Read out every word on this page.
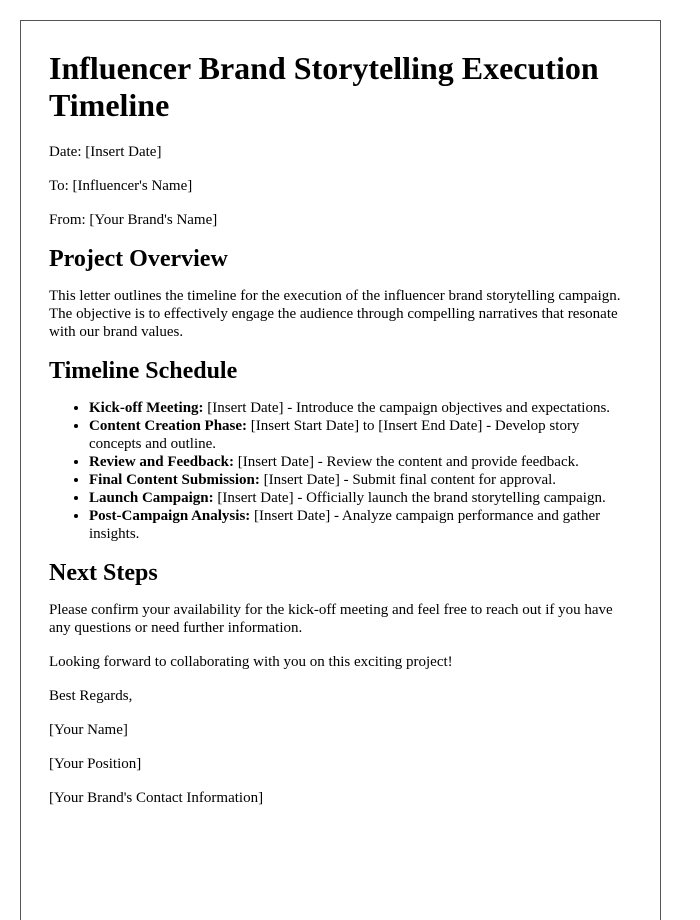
Influencer Brand Storytelling Execution Timeline

Date: [Insert Date]

To: [Influencer's Name]

From: [Your Brand's Name]

Project Overview

This letter outlines the timeline for the execution of the influencer brand storytelling campaign. The objective is to effectively engage the audience through compelling narratives that resonate with our brand values.

Timeline Schedule
• Kick-off Meeting: [Insert Date] - Introduce the campaign objectives and expectations.
• Content Creation Phase: [Insert Start Date] to [Insert End Date] - Develop story concepts and outline.
• Review and Feedback: [Insert Date] - Review the content and provide feedback.
• Final Content Submission: [Insert Date] - Submit final content for approval.
• Launch Campaign: [Insert Date] - Officially launch the brand storytelling campaign.
• Post-Campaign Analysis: [Insert Date] - Analyze campaign performance and gather insights.
Next Steps

Please confirm your availability for the kick-off meeting and feel free to reach out if you have any questions or need further information.

Looking forward to collaborating with you on this exciting project!

Best Regards,

[Your Name]

[Your Position]

[Your Brand's Contact Information]
